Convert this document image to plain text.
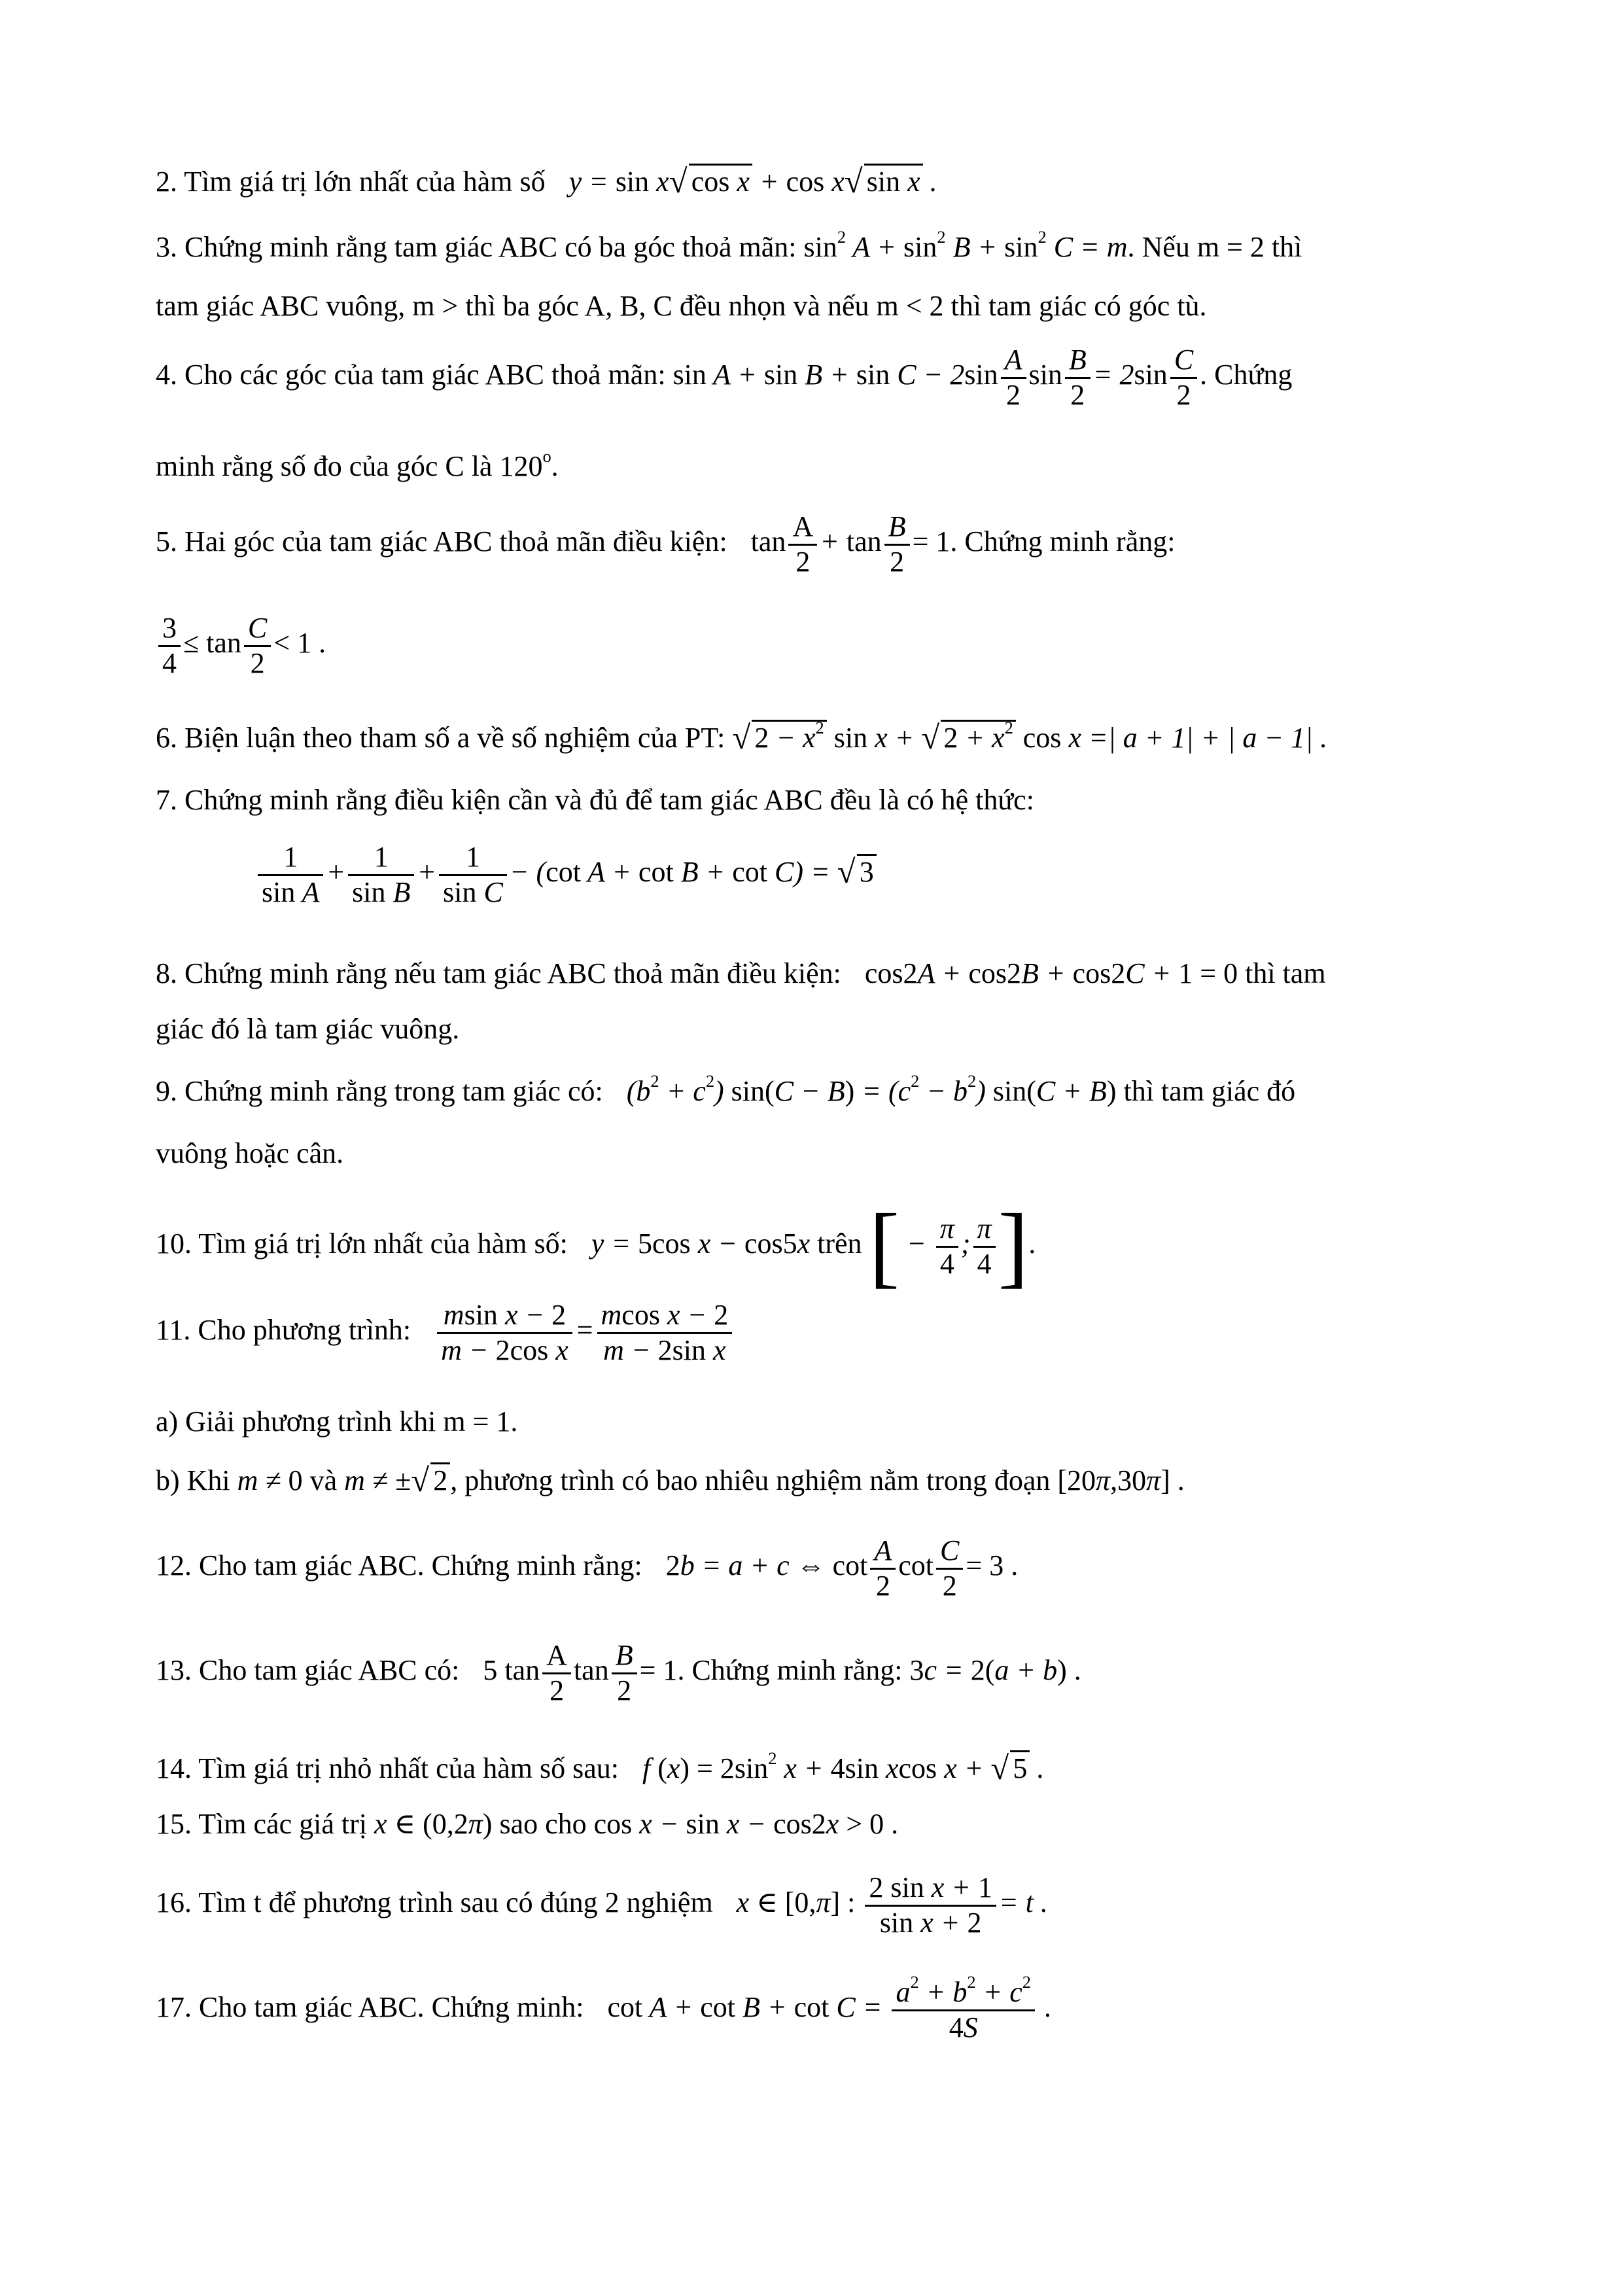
2. Tìm giá trị lớn nhất của hàm số y = sin x √ cos x + cos x √ sin x .
3. Chứng minh rằng tam giác ABC có ba góc thoả mãn: $\sin^2 A + \sin^2 B + \sin^2 C = m$. Nếu m = 2 thì
tam giác ABC vuông, m > thì ba góc A, B, C đều nhọn và nếu m < 2 thì tam giác có góc tù.
4. Cho các góc của tam giác ABC thoả mãn: $\sin A + \sin B + \sin C - 2\sin \frac{A}{2}$ $\sin \frac{B}{2} = 2\sin \frac{C}{2}$ . Chứng
minh rằng số đo của góc C là 120$^o$.
5. Hai góc của tam giác ABC thoả mãn điều kiện: $\tan \frac{A}{2} + \tan \frac{B}{2} = 1$. Chứng minh rằng:
$\frac{3}{4} \le \tan \frac{C}{2} < 1$ .
6. Biện luận theo tham số a về số nghiệm của PT: √ $2 - x^2$ sin x + √ $2 + x^2$ cos x =| a + 1| + | a − 1| .
7. Chứng minh rằng điều kiện cần và đủ để tam giác ABC đều là có hệ thức:
$\frac{1}{\text{sin A}} + \frac{1}{\text{sin B}} + \frac{1}{\text{sin C}} - (\cot$ A + cot B + cot C) = √ 3
8. Chứng minh rằng nếu tam giác ABC thoả mãn điều kiện: cos2A + cos2B + cos2C + 1 = 0 thì tam
giác đó là tam giác vuông.
9. Chứng minh rằng trong tam giác có: $(b^2 + c^2) \sin(C - B) = (c^2 - b^2) \sin(C + B)$ thì tam giác đó
vuông hoặc cân.
10. Tìm giá trị lớn nhất của hàm số: y = 5cos x − cos5x trên [ − $\frac{\pi}{4}$ ; $\frac{\pi}{4}$ ].
11. Cho phương trình: $\frac{\text{msin x − 2}}{\text{m − 2cos x}} = \frac{\text{mcos x − 2}}{\text{m − 2sin x}}$
a) Giải phương trình khi m = 1.
b) Khi m ≠ 0 và m ≠ ± √ 2, phương trình có bao nhiêu nghiệm nằm trong đoạn [20π,30π] .
12. Cho tam giác ABC. Chứng minh rằng: 2b = a + c ⇔ $\cot \frac{A}{2}$ $\cot \frac{C}{2} = 3$ .
13. Cho tam giác ABC có: 5 $\tan \frac{A}{2}$ $\tan \frac{B}{2} = 1$. Chứng minh rằng: 3c = 2(a + b) .
14. Tìm giá trị nhỏ nhất của hàm số sau: f $(x) = 2\sin^2$ x + 4sin xcos x + √ 5 .
15. Tìm các giá trị x ∈ (0,2π) sao cho cos x − sin x − cos2x > 0 .
16. Tìm t để phương trình sau có đúng 2 nghiệm x ∈ [0,π] : $\frac{\text{2 sin x + 1}}{\text{sin x + 2}} = t$ .
17. Cho tam giác ABC. Chứng minh: $\cot A + \cot B + \cot C = \frac{a^2 + b^2 + c^2}{4S}$ .
